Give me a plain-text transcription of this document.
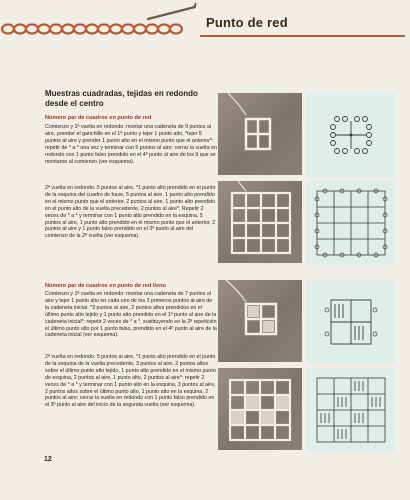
Punto de red
Muestras cuadradas, tejidas en redondo desde el centro
Número par de cuadros en punto de red
Comienzo y 1ª vuelta en redondo: montar una cadeneta de 9 puntos al aire, prender el ganchillo en el 1º punto y tejer 1 punto alto, *tejer 5 puntos al aire y prender 1 punto alto en el mismo punto que el anterior*: repetir de * a * una vez y terminar con 5 puntos al aire; cerrar la vuelta en redondo con 1 punto falso prendido en el 4º punto al aire de los 9 que se montaron al comienzo (ver esquema).
2ª vuelta en redondo: 5 puntos al aire, *1 punto alto prendido en el punto de la esquina del cuadro de base, 5 puntos al aire, 1 punto alto prendido en el mismo punto que el anterior, 2 puntos al aire, 1 punto alto prendido en el punto alto de la vuelta precedente, 2 puntos al aire*. Repetir 2 veces de * a * y terminar con 1 punto alto prendido en la esquina, 5 puntos al aire, 1 punto alto prendido en el mismo punto que el anterior, 2 puntos al aire y 1 punto falso prendido en el 3º punto al aire del comienzo de la 2ª vuelta (ver esquema).
Número par de cuadros en punto de red lleno
Comienzo y 1ª vuelta en redondo: montar una cadeneta de 7 puntos al aire y tejer 1 punto alto en cada uno de los 3 primeros puntos al aire de la cadeneta inicial. *3 puntos al aire, 2 puntos altos prendidos en el último punto alto tejido y 1 punto alto prendido en el 1º punto al aire de la cadeneta inicial*: repetir 2 veces de * a *, sustituyendo en la 2ª repetición el último punto alto por 1 punto falso, prendido en el 4º punto al aire de la cadeneta inicial (ver esquema).
2ª vuelta en redondo: 5 puntos al aire, *1 punto alto prendido en el punto de la esquina de la vuelta precedente, 3 puntos al aire, 2 puntos altos sobre el último punto alto tejido, 1 punto alto prendido en el mismo punto de esquina, 2 puntos al aire, 1 punto alto, 2 puntos al aire*: repetir 2 veces de * a * y terminar con 1 punto alto en la esquina, 3 puntos al aire, 2 puntos altos sobre el último punto alto, 1 punto alto en la esquina, 2 puntos al aire; cerrar la vuelta en redondo con 1 punto falso prendido en el 3º punto al aire del inicio de la segunda vuelta (ver esquema).
12
